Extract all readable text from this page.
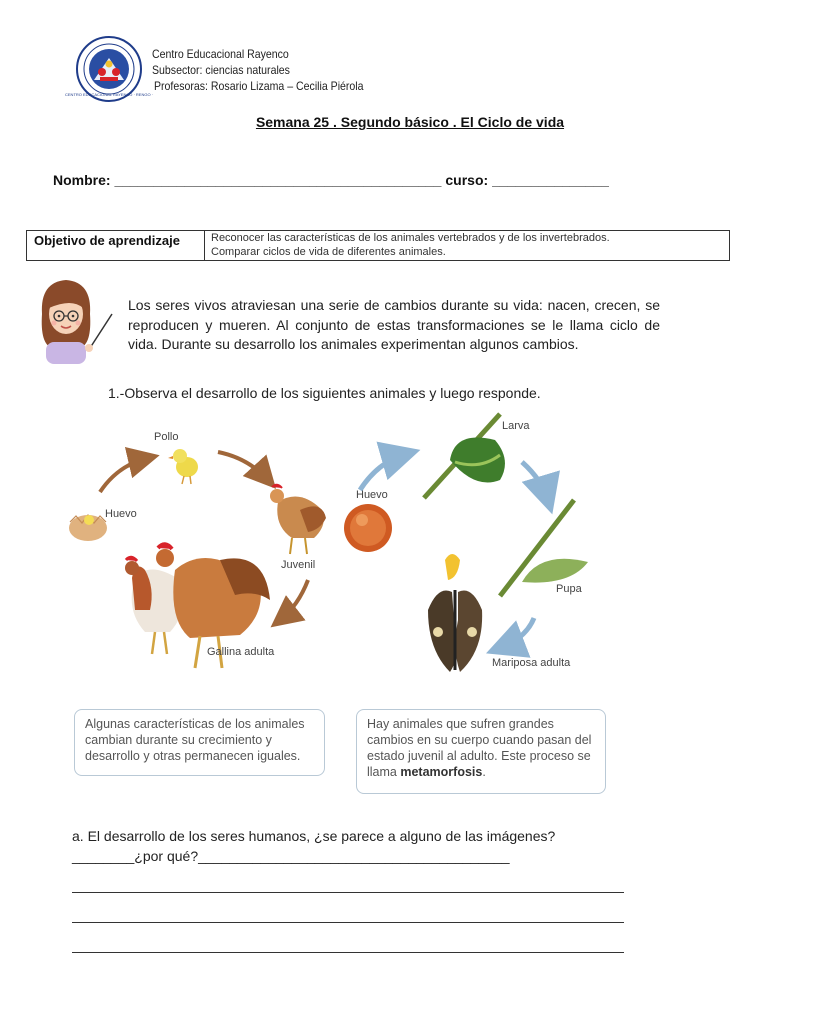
CENTRO EDUCACIONAL RAYENCO · RENGO ·
Centro Educacional Rayenco
Subsector: ciencias naturales
Profesoras: Rosario Lizama – Cecilia Piérola
Semana 25 . Segundo básico . El Ciclo de vida
Nombre: __________________________________________ curso: _______________
Objetivo de aprendizaje	Reconocer las características de los animales vertebrados y de los invertebrados.
Comparar ciclos de vida de diferentes animales.
Los seres vivos atraviesan una serie de cambios durante su vida: nacen, crecen, se reproducen y mueren. Al conjunto de estas transformaciones se le llama ciclo de vida. Durante su desarrollo los animales experimentan algunos cambios.
1.-Observa el desarrollo de los siguientes animales y luego responde.
Pollo
Huevo
Juvenil
Gallina adulta
Huevo
Larva
Pupa
Mariposa adulta
Algunas características de los animales cambian durante su crecimiento y desarrollo y otras permanecen iguales.
Hay animales que sufren grandes cambios en su cuerpo cuando pasan del estado juvenil al adulto. Este proceso se llama metamorfosis.
a. El desarrollo de los seres humanos, ¿se parece a alguno de las imágenes?
________¿por qué?________________________________________
